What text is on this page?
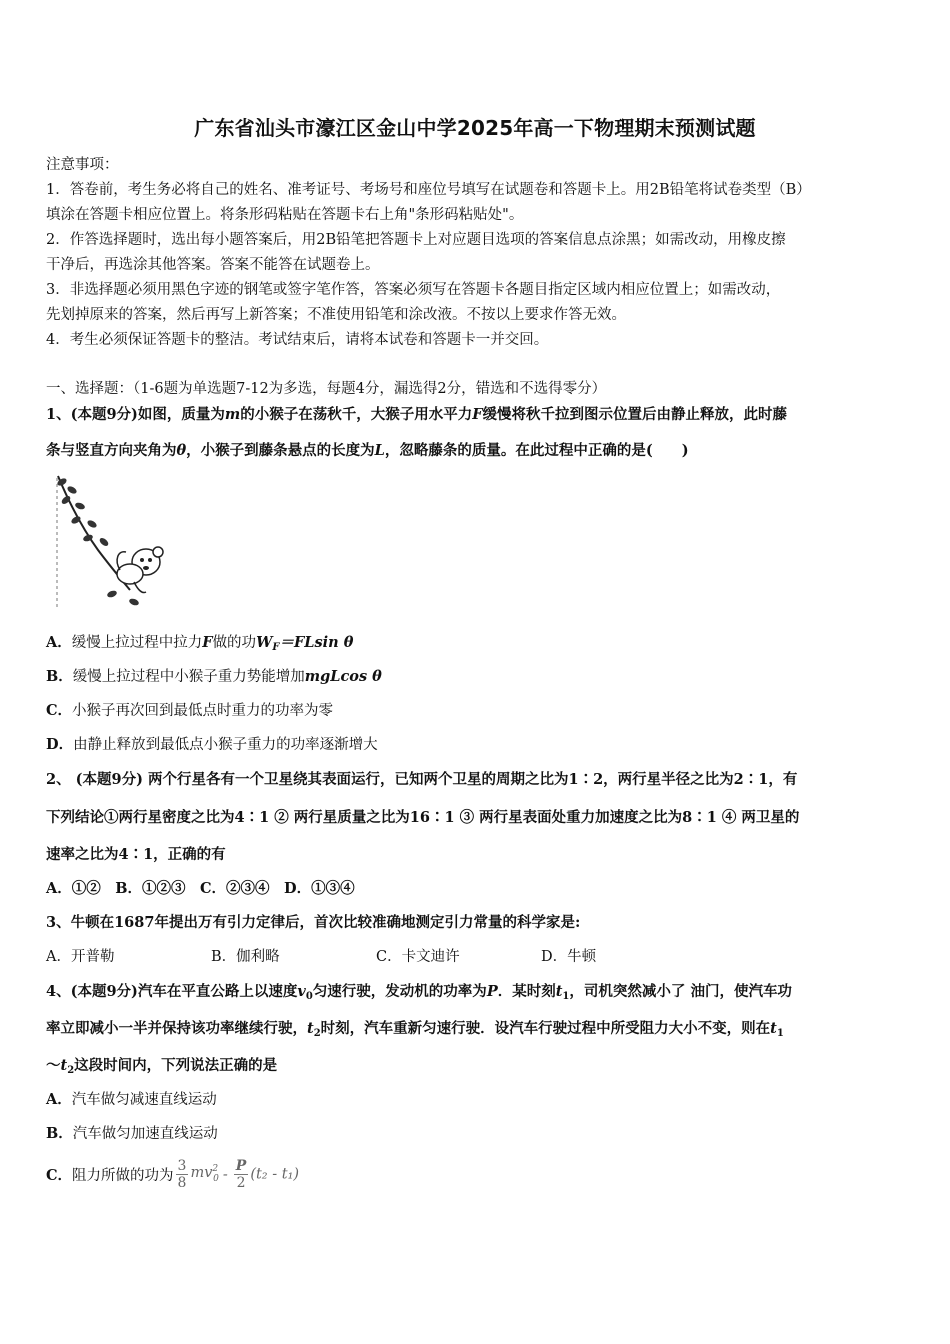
广东省汕头市濠江区金山中学2025年高一下物理期末预测试题
注意事项：
1．答卷前，考生务必将自己的姓名、准考证号、考场号和座位号填写在试题卷和答题卡上。用2B铅笔将试卷类型（B）
填涂在答题卡相应位置上。将条形码粘贴在答题卡右上角"条形码粘贴处"。
2．作答选择题时，选出每小题答案后，用2B铅笔把答题卡上对应题目选项的答案信息点涂黑；如需改动，用橡皮擦
干净后，再选涂其他答案。答案不能答在试题卷上。
3．非选择题必须用黑色字迹的钢笔或签字笔作答，答案必须写在答题卡各题目指定区域内相应位置上；如需改动，
先划掉原来的答案，然后再写上新答案；不准使用铅笔和涂改液。不按以上要求作答无效。
4．考生必须保证答题卡的整洁。考试结束后，请将本试卷和答题卡一并交回。
一、选择题：（1-6题为单选题7-12为多选，每题4分，漏选得2分，错选和不选得零分）
1、(本题9分)如图，质量为m的小猴子在荡秋千，大猴子用水平力F缓慢将秋千拉到图示位置后由静止释放，此时藤
条与竖直方向夹角为θ，小猴子到藤条悬点的长度为L，忽略藤条的质量。在此过程中正确的是(　　)
A．缓慢上拉过程中拉力F做的功$W_F=FLsin$ θ
B．缓慢上拉过程中小猴子重力势能增加mgLcos θ
C．小猴子再次回到最低点时重力的功率为零
D．由静止释放到最低点小猴子重力的功率逐渐增大
2、 (本题9分) 两个行星各有一个卫星绕其表面运行，已知两个卫星的周期之比为1∶2，两行星半径之比为2∶1，有
下列结论①两行星密度之比为4∶1 ② 两行星质量之比为16∶1 ③ 两行星表面处重力加速度之比为8∶1 ④ 两卫星的
速率之比为4∶1，正确的有
A．①②　B．①②③　C．②③④　D．①③④
3、牛顿在1687年提出万有引力定律后，首次比较准确地测定引力常量的科学家是:
A．开普勒	B．伽利略	C．卡文迪许	D．牛顿
4、(本题9分)汽车在平直公路上以速度$v_0$匀速行驶，发动机的功率为P．某时刻$t_1$，司机突然减小了 油门，使汽车功
率立即减小一半并保持该功率继续行驶，$t_2$时刻，汽车重新匀速行驶．设汽车行驶过程中所受阻力大小不变，则在$t_1$
$\sim t_2$这段时间内，下列说法正确的是
A．汽车做匀减速直线运动
B．汽车做匀加速直线运动
C．阻力所做的功为 $\frac{3}{8} mv^2_0 - \frac{P}{2} (t_2 - t_1)$
